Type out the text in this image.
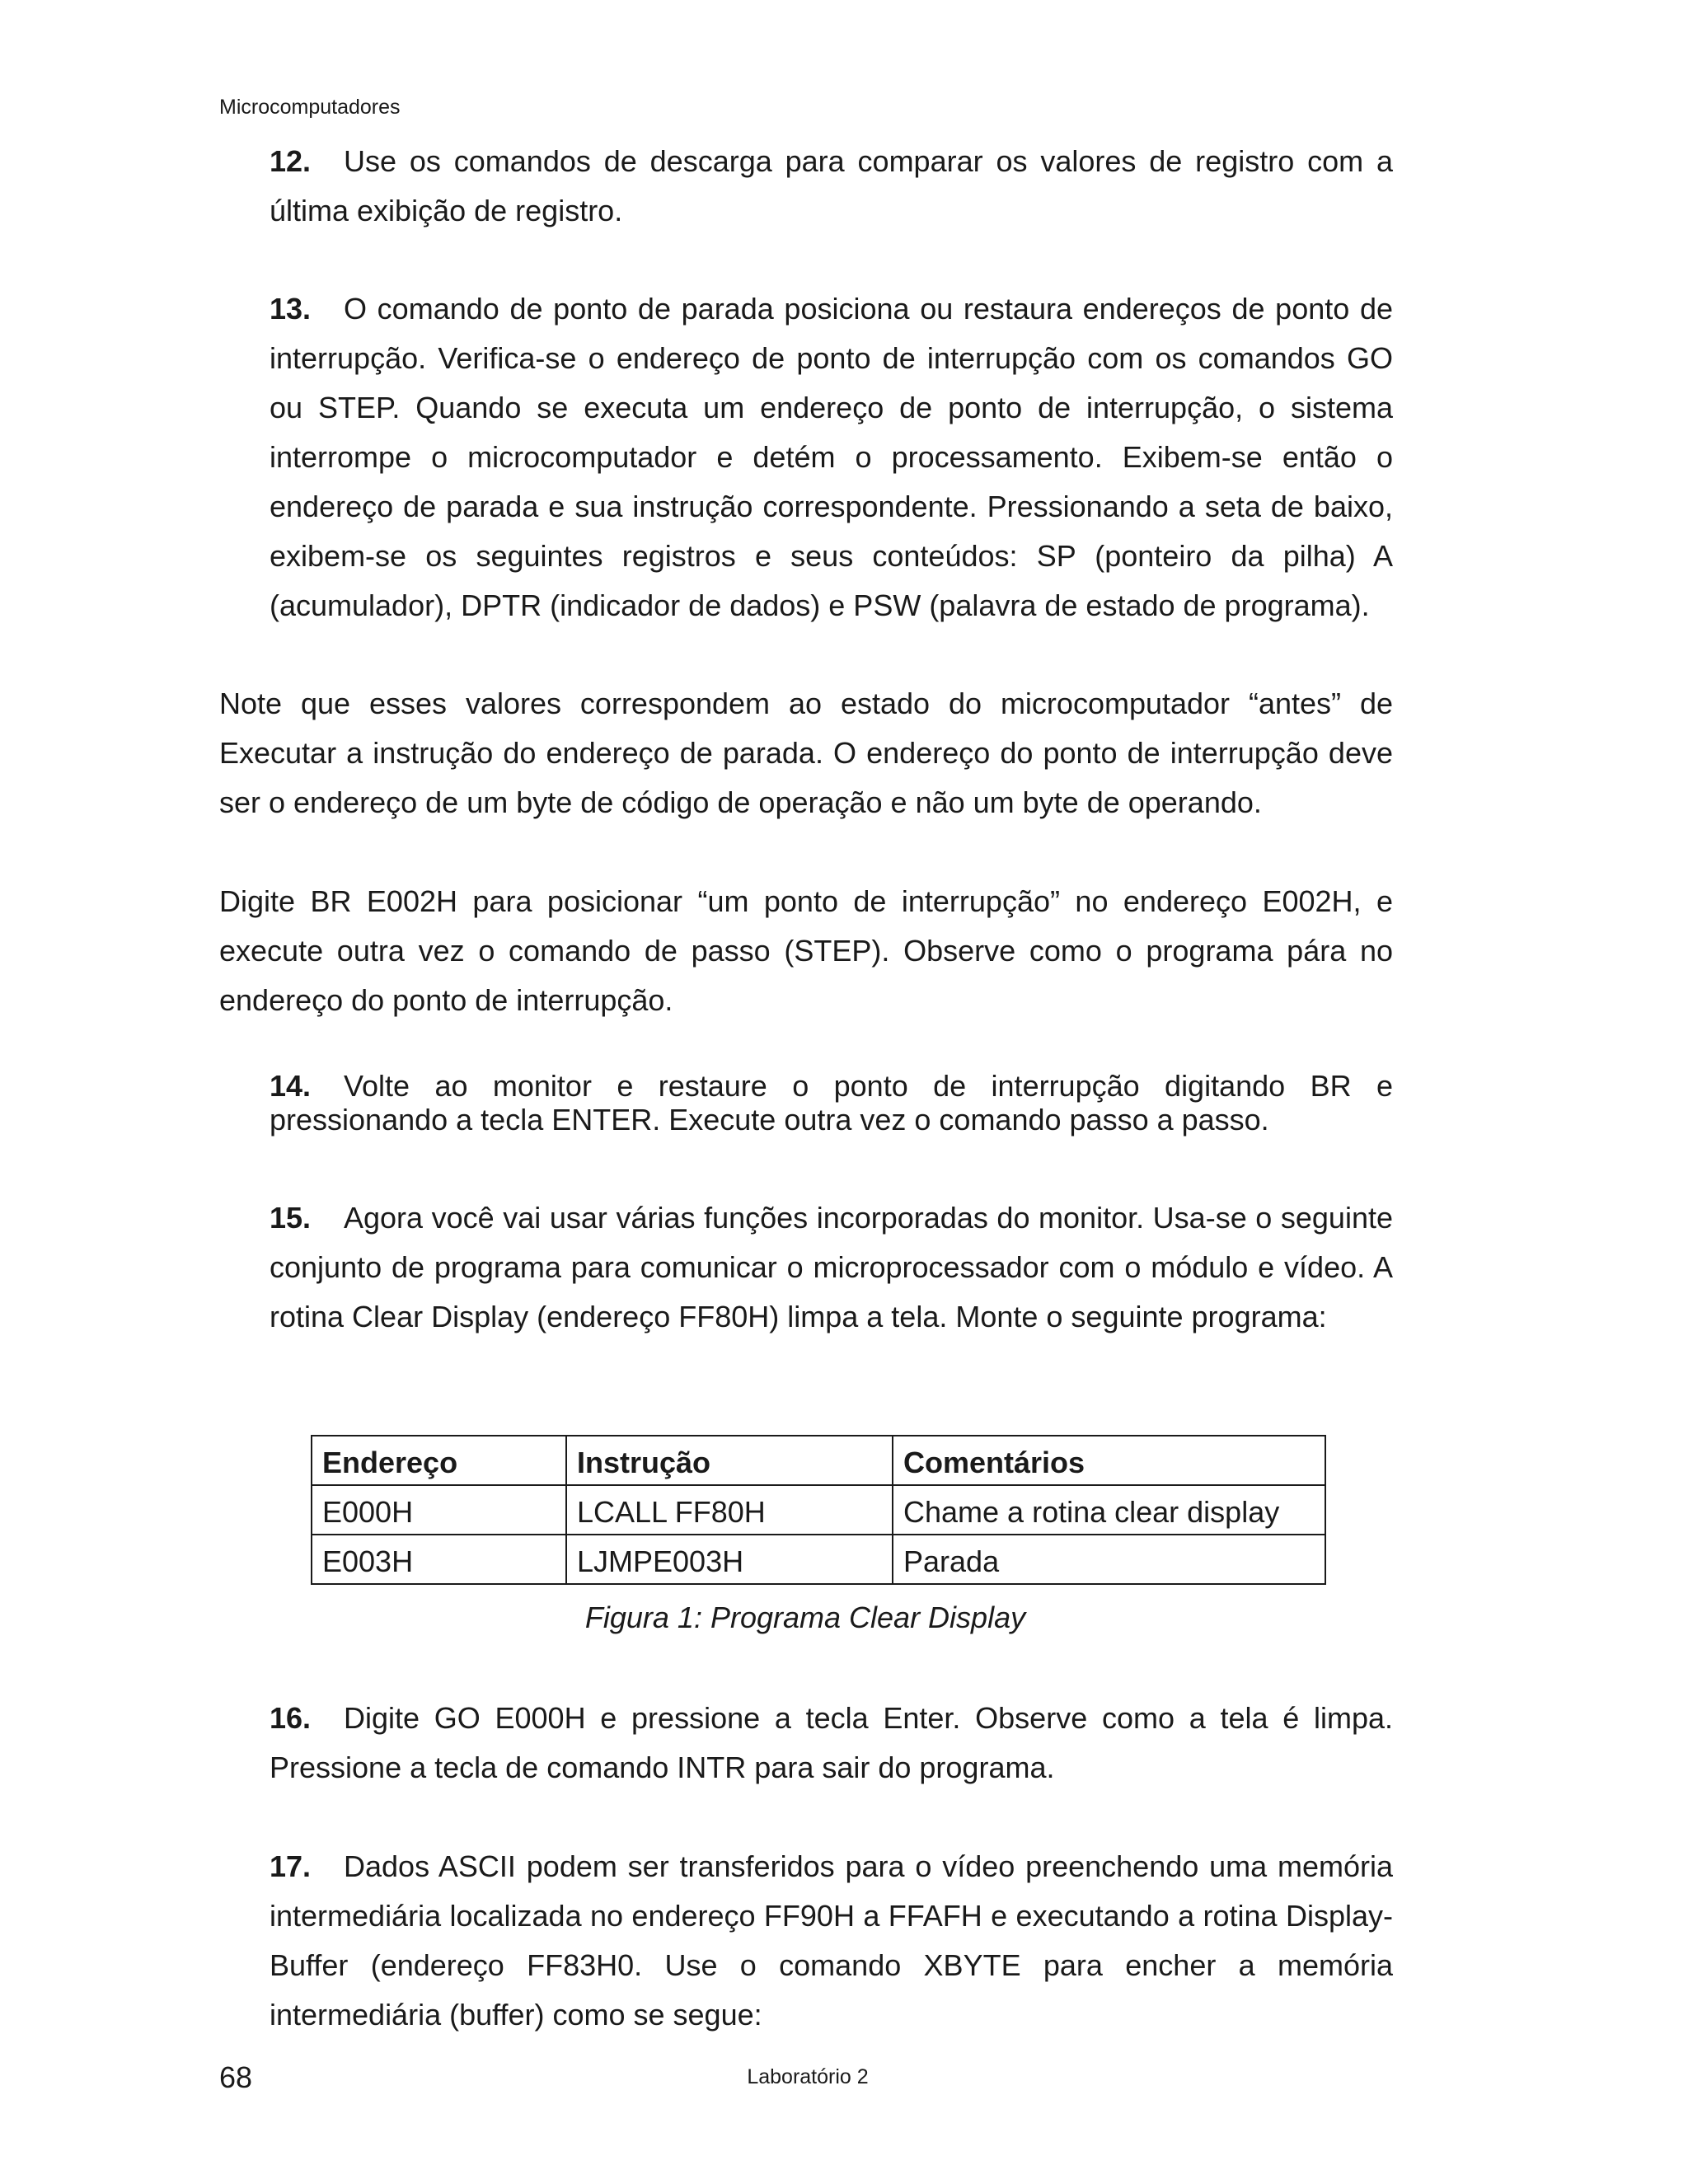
Microcomputadores
12. Use os comandos de descarga para comparar os valores de registro com a última exibição de registro.
13. O comando de ponto de parada posiciona ou restaura endereços de ponto de interrupção. Verifica-se o endereço de ponto de interrupção com os comandos GO ou STEP. Quando se executa um endereço de ponto de interrupção, o sistema interrompe o microcomputador e detém o processamento. Exibem-se então o endereço de parada e sua instrução correspondente. Pressionando a seta de baixo, exibem-se os seguintes registros e seus conteúdos: SP (ponteiro da pilha) A (acumulador), DPTR (indicador de dados) e PSW (palavra de estado de programa).
Note que esses valores correspondem ao estado do microcomputador “antes” de Executar a instrução do endereço de parada. O endereço do ponto de interrupção deve ser o endereço de um byte de código de operação e não um byte de operando.
Digite BR E002H para posicionar “um ponto de interrupção” no endereço E002H, e execute outra vez o comando de passo (STEP). Observe como o programa pára no endereço do ponto de interrupção.
14. Volte ao monitor e restaure o ponto de interrupção digitando BR e pressionando a tecla ENTER. Execute outra vez o comando passo a passo.
15. Agora você vai usar várias funções incorporadas do monitor. Usa-se o seguinte conjunto de programa para comunicar o microprocessador com o módulo e vídeo. A rotina Clear Display (endereço FF80H) limpa a tela. Monte o seguinte programa:
Endereço	Instrução	Comentários
E000H	LCALL FF80H	Chame a rotina clear display
E003H	LJMPE003H	Parada
Figura 1: Programa Clear Display
16. Digite GO E000H e pressione a tecla Enter. Observe como a tela é limpa. Pressione a tecla de comando INTR para sair do programa.
17. Dados ASCII podem ser transferidos para o vídeo preenchendo uma memória intermediária localizada no endereço FF90H a FFAFH e executando a rotina Display-Buffer (endereço FF83H0. Use o comando XBYTE para encher a memória intermediária (buffer) como se segue:
68	Laboratório 2
